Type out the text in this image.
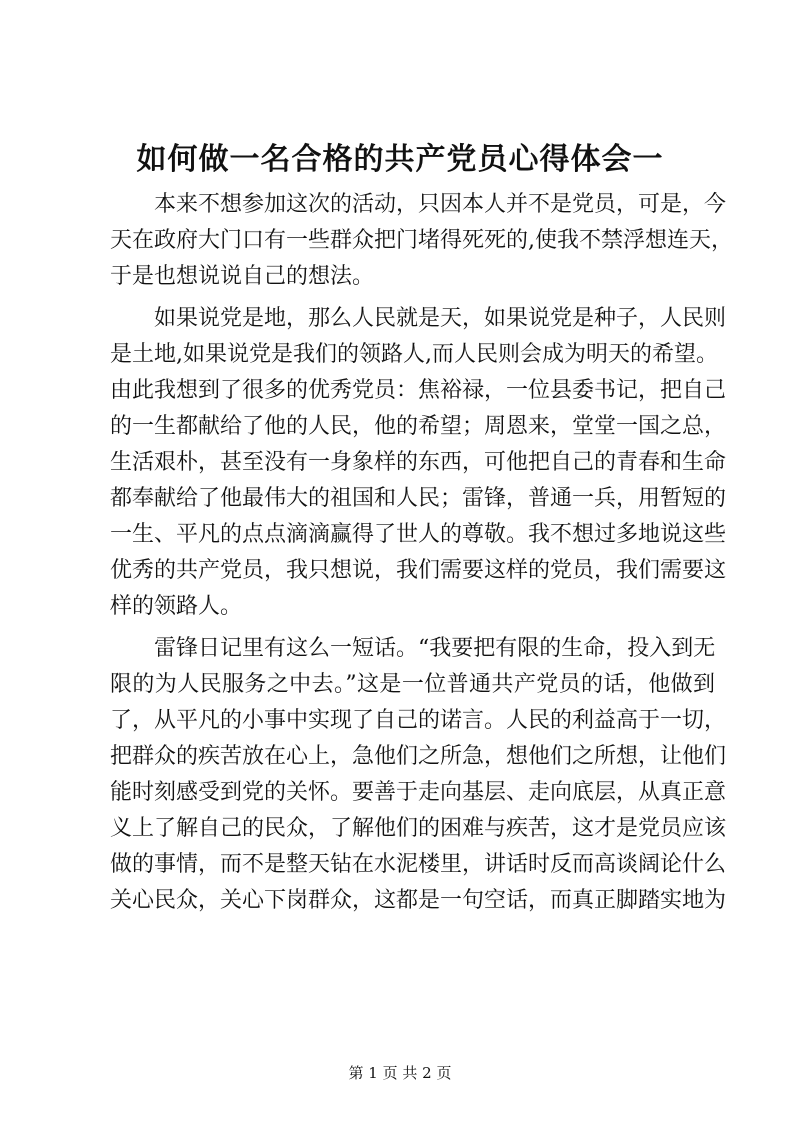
如何做一名合格的共产党员心得体会一
本来不想参加这次的活动，只因本人并不是党员，可是，今
天在政府大门口有一些群众把门堵得死死的,使我不禁浮想连天，
于是也想说说自己的想法。
如果说党是地，那么人民就是天，如果说党是种子，人民则
是土地,如果说党是我们的领路人,而人民则会成为明天的希望。
由此我想到了很多的优秀党员：焦裕禄，一位县委书记，把自己
的一生都献给了他的人民，他的希望；周恩来，堂堂一国之总，
生活艰朴，甚至没有一身象样的东西，可他把自己的青春和生命
都奉献给了他最伟大的祖国和人民；雷锋，普通一兵，用暂短的
一生、平凡的点点滴滴赢得了世人的尊敬。我不想过多地说这些
优秀的共产党员，我只想说，我们需要这样的党员，我们需要这
样的领路人。
雷锋日记里有这么一短话。“我要把有限的生命，投入到无
限的为人民服务之中去。”这是一位普通共产党员的话，他做到
了，从平凡的小事中实现了自己的诺言。人民的利益高于一切，
把群众的疾苦放在心上，急他们之所急，想他们之所想，让他们
能时刻感受到党的关怀。要善于走向基层、走向底层，从真正意
义上了解自己的民众，了解他们的困难与疾苦，这才是党员应该
做的事情，而不是整天钻在水泥楼里，讲话时反而高谈阔论什么
关心民众，关心下岗群众，这都是一句空话，而真正脚踏实地为
第 1 页 共 2 页
